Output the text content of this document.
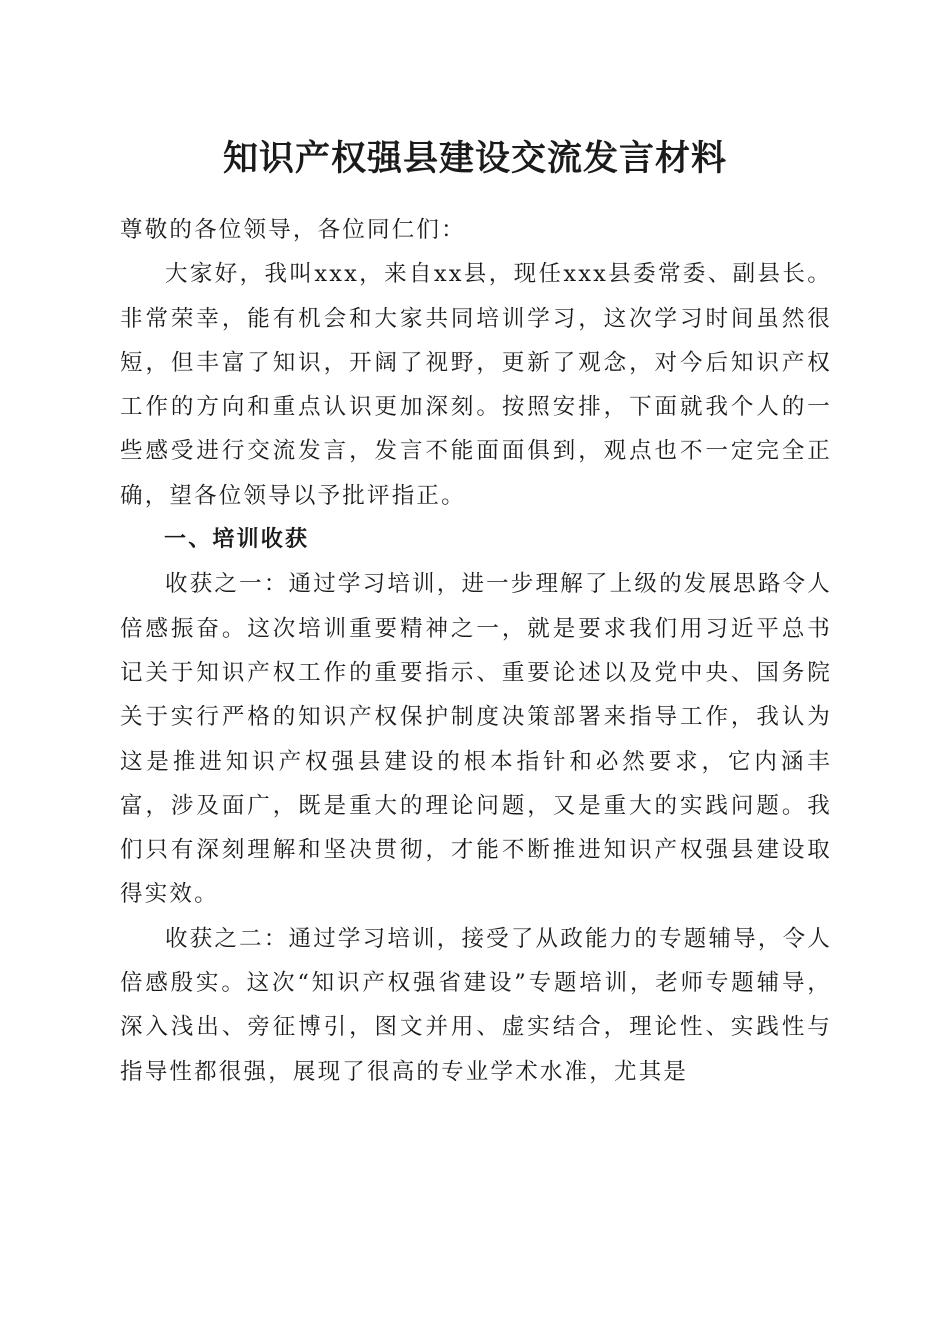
知识产权强县建设交流发言材料

尊敬的各位领导，各位同仁们：

大家好，我叫xxx，来自xx县，现任xxx县委常委、副县长。非常荣幸，能有机会和大家共同培训学习，这次学习时间虽然很短，但丰富了知识，开阔了视野，更新了观念，对今后知识产权工作的方向和重点认识更加深刻。按照安排，下面就我个人的一些感受进行交流发言，发言不能面面俱到，观点也不一定完全正确，望各位领导以予批评指正。

一、培训收获

收获之一：通过学习培训，进一步理解了上级的发展思路令人倍感振奋。这次培训重要精神之一，就是要求我们用习近平总书记关于知识产权工作的重要指示、重要论述以及党中央、国务院关于实行严格的知识产权保护制度决策部署来指导工作，我认为这是推进知识产权强县建设的根本指针和必然要求，它内涵丰富，涉及面广，既是重大的理论问题，又是重大的实践问题。我们只有深刻理解和坚决贯彻，才能不断推进知识产权强县建设取得实效。

收获之二：通过学习培训，接受了从政能力的专题辅导，令人倍感殷实。这次“知识产权强省建设”专题培训，老师专题辅导，深入浅出、旁征博引，图文并用、虚实结合，理论性、实践性与指导性都很强，展现了很高的专业学术水准，尤其是
